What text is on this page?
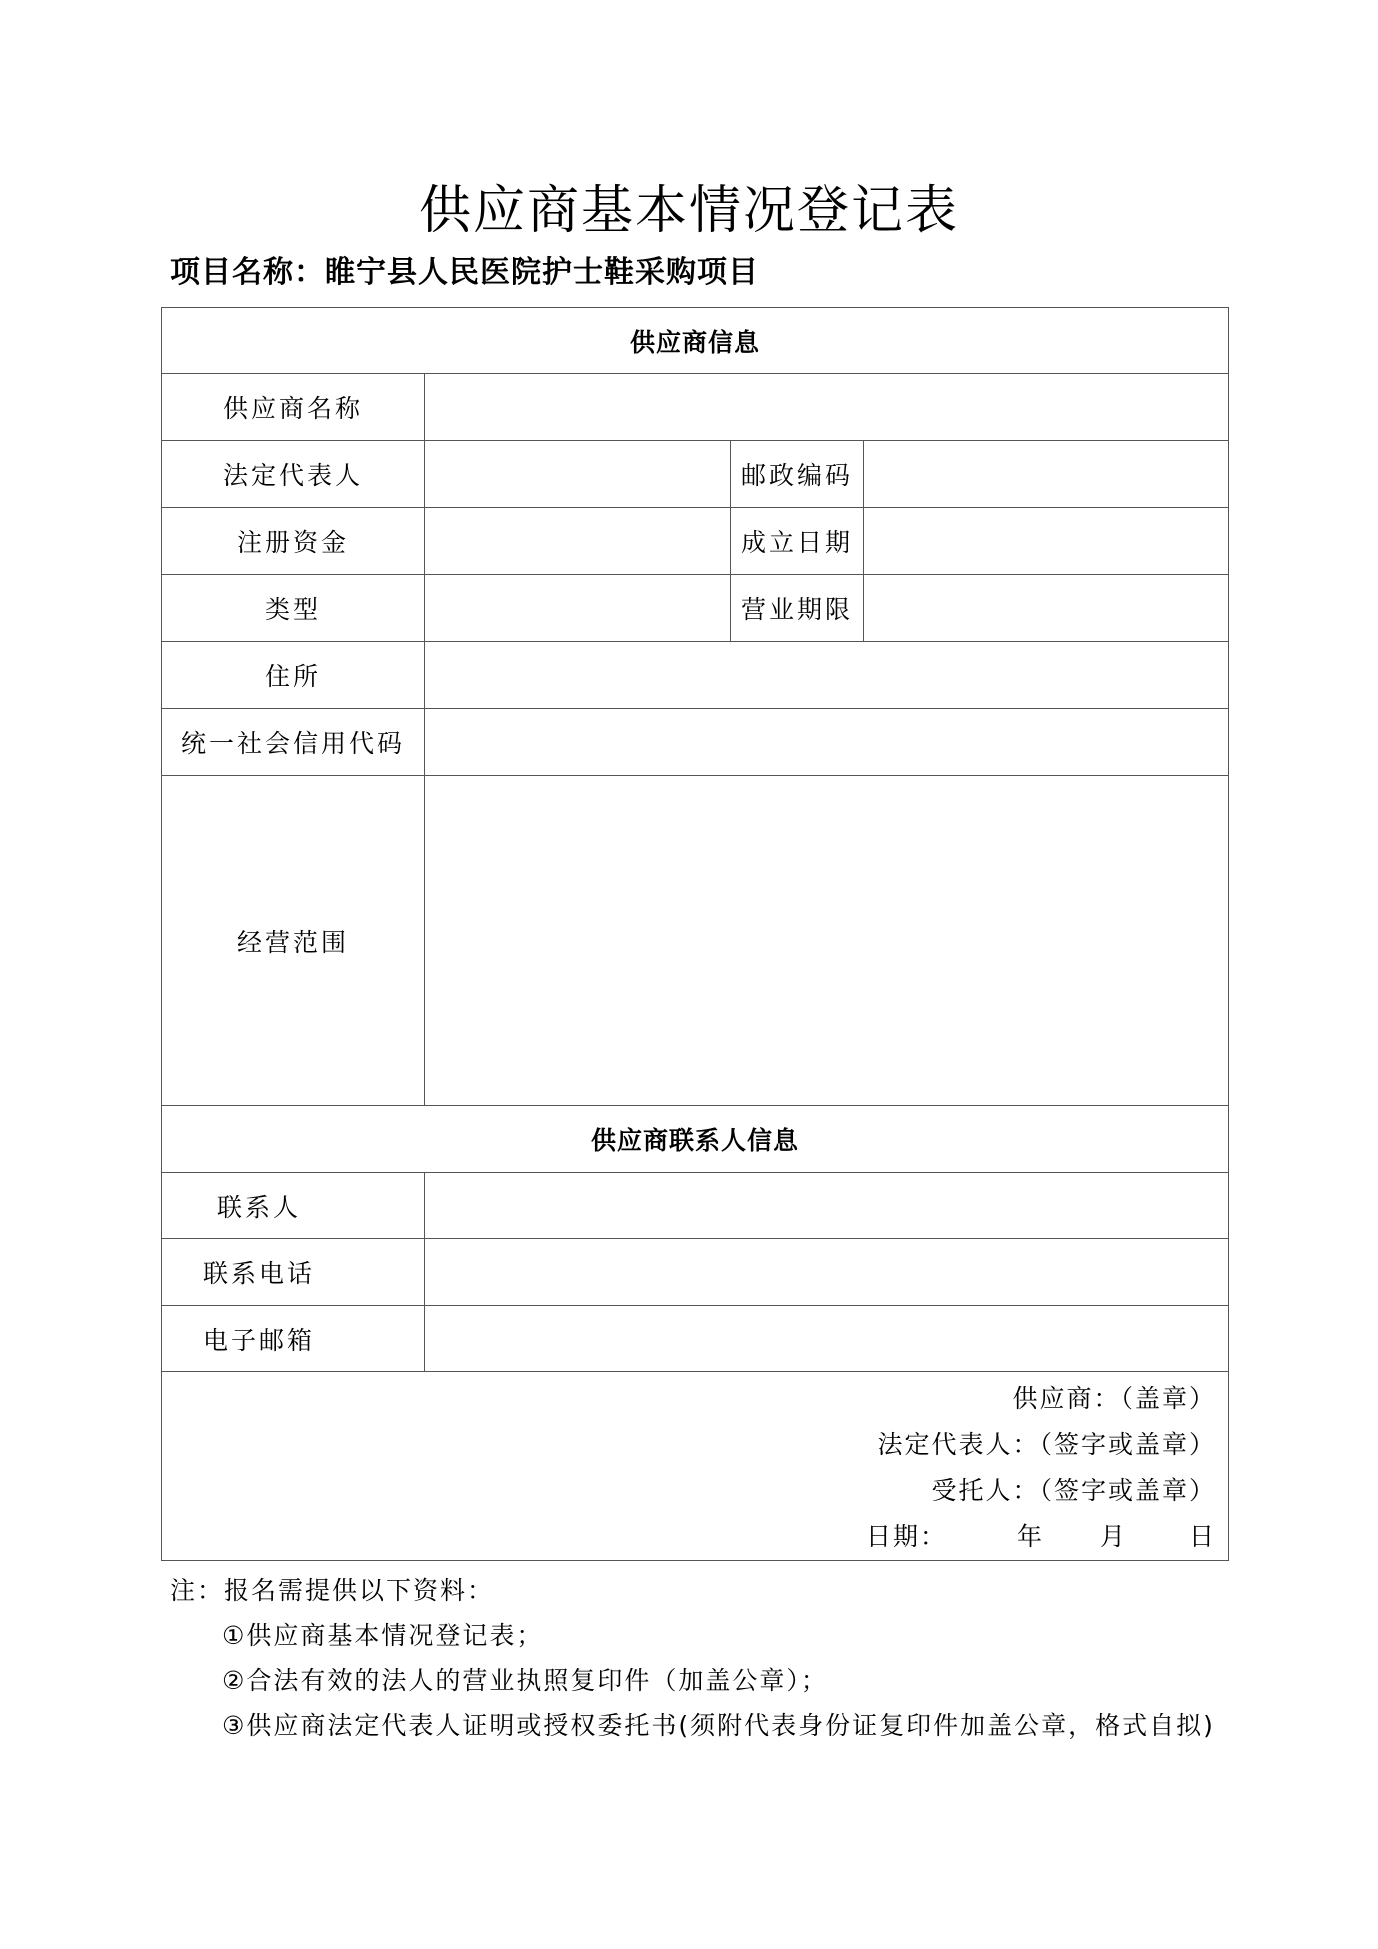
供应商基本情况登记表
项目名称：睢宁县人民医院护士鞋采购项目
供应商信息			
供应商名称			
法定代表人		邮政编码	
注册资金		成立日期	
类型		营业期限	
住所			
统一社会信用代码			
经营范围			
供应商联系人信息			
联系人			
联系电话			
电子邮箱			

供应商：（盖章）
法定代表人：（签字或盖章）
受托人：（签字或盖章）
日期： 年 月 日			
注：报名需提供以下资料：
①供应商基本情况登记表；
②合法有效的法人的营业执照复印件（加盖公章）；
③供应商法定代表人证明或授权委托书(须附代表身份证复印件加盖公章，格式自拟)
